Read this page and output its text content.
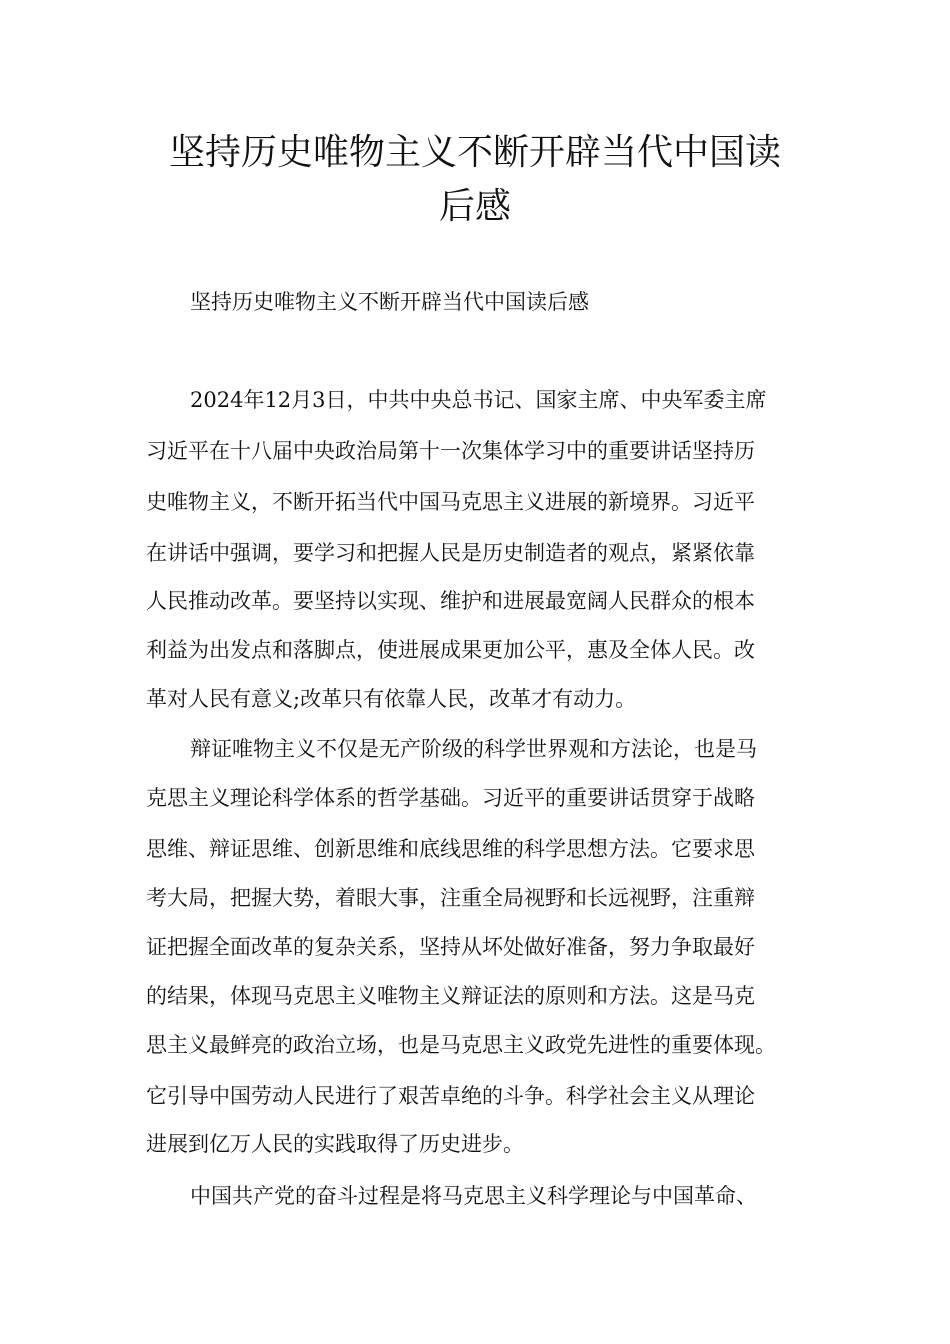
坚持历史唯物主义不断开辟当代中国读
后感

坚持历史唯物主义不断开辟当代中国读后感

2024年12月3日，中共中央总书记、国家主席、中央军委主席

习近平在十八届中央政治局第十一次集体学习中的重要讲话坚持历

史唯物主义，不断开拓当代中国马克思主义进展的新境界。习近平

在讲话中强调，要学习和把握人民是历史制造者的观点，紧紧依靠

人民推动改革。要坚持以实现、维护和进展最宽阔人民群众的根本

利益为出发点和落脚点，使进展成果更加公平，惠及全体人民。改

革对人民有意义;改革只有依靠人民，改革才有动力。

辩证唯物主义不仅是无产阶级的科学世界观和方法论，也是马

克思主义理论科学体系的哲学基础。习近平的重要讲话贯穿于战略

思维、辩证思维、创新思维和底线思维的科学思想方法。它要求思

考大局，把握大势，着眼大事，注重全局视野和长远视野，注重辩

证把握全面改革的复杂关系，坚持从坏处做好准备，努力争取最好

的结果，体现马克思主义唯物主义辩证法的原则和方法。这是马克

思主义最鲜亮的政治立场，也是马克思主义政党先进性的重要体现。

它引导中国劳动人民进行了艰苦卓绝的斗争。科学社会主义从理论

进展到亿万人民的实践取得了历史进步。

中国共产党的奋斗过程是将马克思主义科学理论与中国革命、
